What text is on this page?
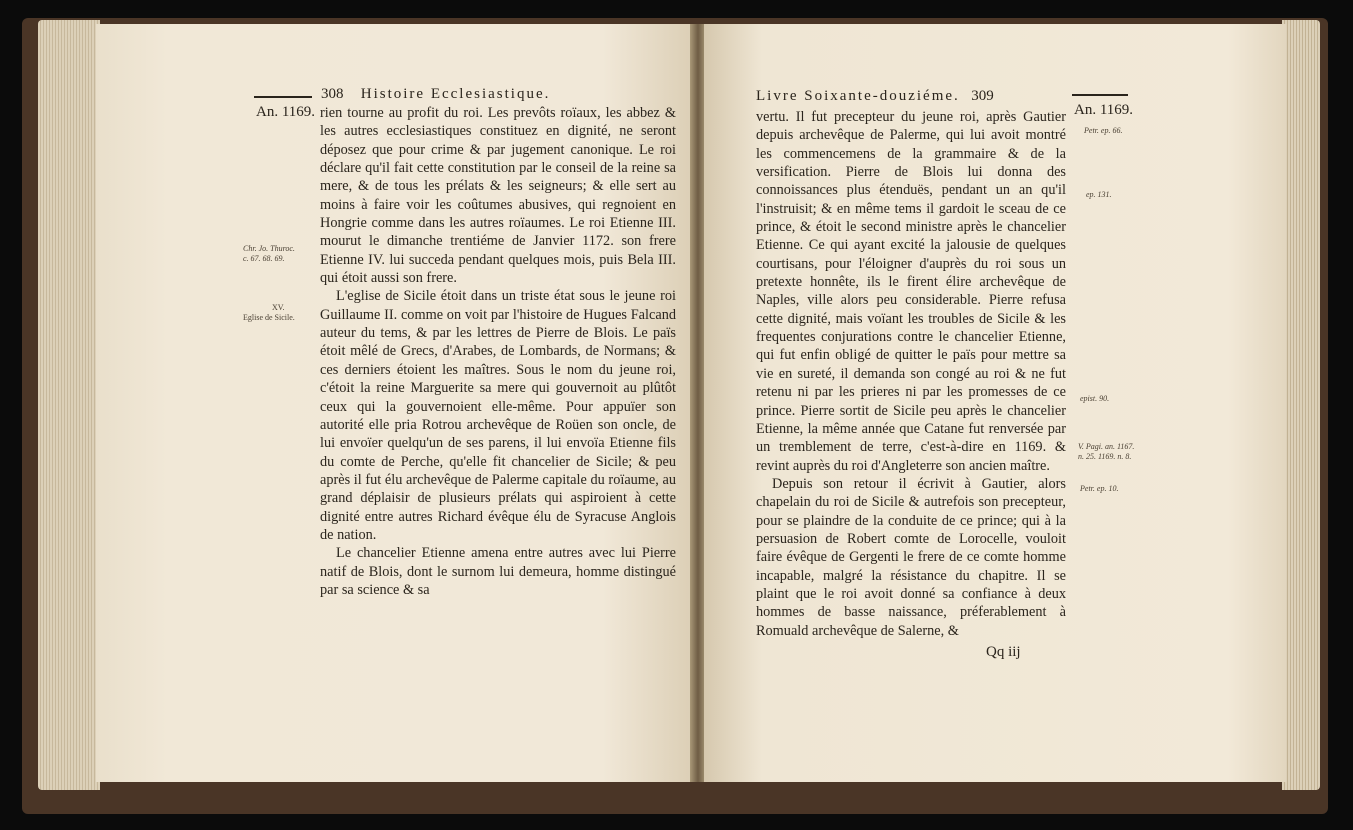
An. 1169.
308 Histoire Ecclesiastique.
Chr. Jo. Thuroc. c. 67. 68. 69.
XV.
Eglise de Sicile.

rien tourne au profit du roi. Les prevôts roïaux, les abbez & les autres ecclesiastiques constituez en dignité, ne seront déposez que pour crime & par jugement canonique. Le roi déclare qu'il fait cette constitution par le conseil de la reine sa mere, & de tous les prélats & les seigneurs; & elle sert au moins à faire voir les coûtumes abusives, qui regnoient en Hongrie comme dans les autres roïaumes. Le roi Etienne III. mourut le dimanche trentiéme de Janvier 1172. son frere Etienne IV. lui succeda pendant quelques mois, puis Bela III. qui étoit aussi son frere.

L'eglise de Sicile étoit dans un triste état sous le jeune roi Guillaume II. comme on voit par l'histoire de Hugues Falcand auteur du tems, & par les lettres de Pierre de Blois. Le païs étoit mêlé de Grecs, d'Arabes, de Lombards, de Normans; & ces derniers étoient les maîtres. Sous le nom du jeune roi, c'étoit la reine Marguerite sa mere qui gouvernoit au plûtôt ceux qui la gouvernoient elle-même. Pour appuïer son autorité elle pria Rotrou archevêque de Roüen son oncle, de lui envoïer quelqu'un de ses parens, il lui envoïa Etienne fils du comte de Perche, qu'elle fit chancelier de Sicile; & peu après il fut élu archevêque de Palerme capitale du roïaume, au grand déplaisir de plusieurs prélats qui aspiroient à cette dignité entre autres Richard évêque élu de Syracuse Anglois de nation.

Le chancelier Etienne amena entre autres avec lui Pierre natif de Blois, dont le surnom lui demeura, homme distingué par sa science & sa

Livre Soixante-douziéme. 309
An. 1169.
Petr. ep. 66.
ep. 131.
epist. 90.
V. Pagi. an. 1167. n. 25. 1169. n. 8.
Petr. ep. 10.

vertu. Il fut precepteur du jeune roi, après Gautier depuis archevêque de Palerme, qui lui avoit montré les commencemens de la grammaire & de la versification. Pierre de Blois lui donna des connoissances plus étenduës, pendant un an qu'il l'instruisit; & en même tems il gardoit le sceau de ce prince, & étoit le second ministre après le chancelier Etienne. Ce qui ayant excité la jalousie de quelques courtisans, pour l'éloigner d'auprès du roi sous un pretexte honnête, ils le firent élire archevêque de Naples, ville alors peu considerable. Pierre refusa cette dignité, mais voïant les troubles de Sicile & les frequentes conjurations contre le chancelier Etienne, qui fut enfin obligé de quitter le païs pour mettre sa vie en sureté, il demanda son congé au roi & ne fut retenu ni par les prieres ni par les promesses de ce prince. Pierre sortit de Sicile peu après le chancelier Etienne, la même année que Catane fut renversée par un tremblement de terre, c'est-à-dire en 1169. & revint auprès du roi d'Angleterre son ancien maître.

Depuis son retour il écrivit à Gautier, alors chapelain du roi de Sicile & autrefois son precepteur, pour se plaindre de la conduite de ce prince; qui à la persuasion de Robert comte de Lorocelle, vouloit faire évêque de Gergenti le frere de ce comte homme incapable, malgré la résistance du chapitre. Il se plaint que le roi avoit donné sa confiance à deux hommes de basse naissance, préferablement à Romuald archevêque de Salerne, &

Qq iij
